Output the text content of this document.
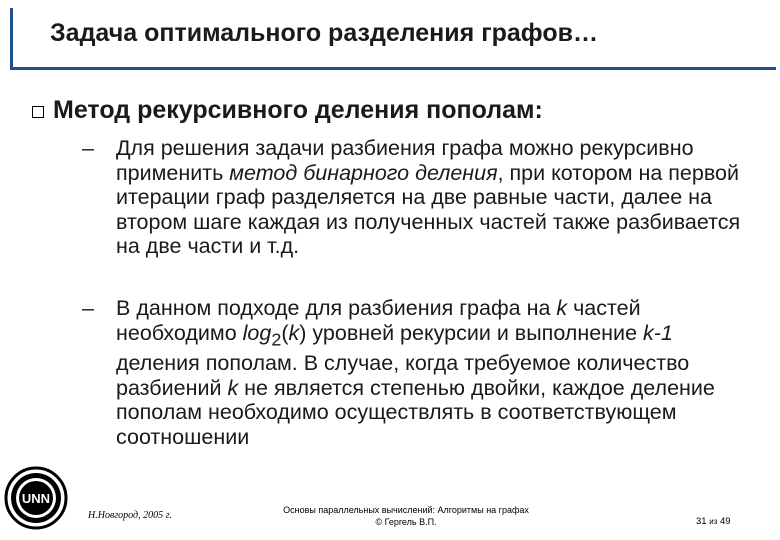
Задача оптимального разделения графов…
Метод рекурсивного деления пополам:
– Для решения задачи разбиения графа можно рекурсивно применить метод бинарного деления, при котором на первой итерации граф разделяется на две равные части, далее на втором шаге каждая из полученных частей также разбивается на две части и т.д.
– В данном подходе для разбиения графа на k частей необходимо $\log_2(k)$ уровней рекурсии и выполнение k-1 деления пополам. В случае, когда требуемое количество разбиений k не является степенью двойки, каждое деление пополам необходимо осуществлять в соответствующем соотношении
UNN
Н.Новгород, 2005 г.	Основы параллельных вычислений: Алгоритмы на графах
© Гергель В.П.	31 из 49
